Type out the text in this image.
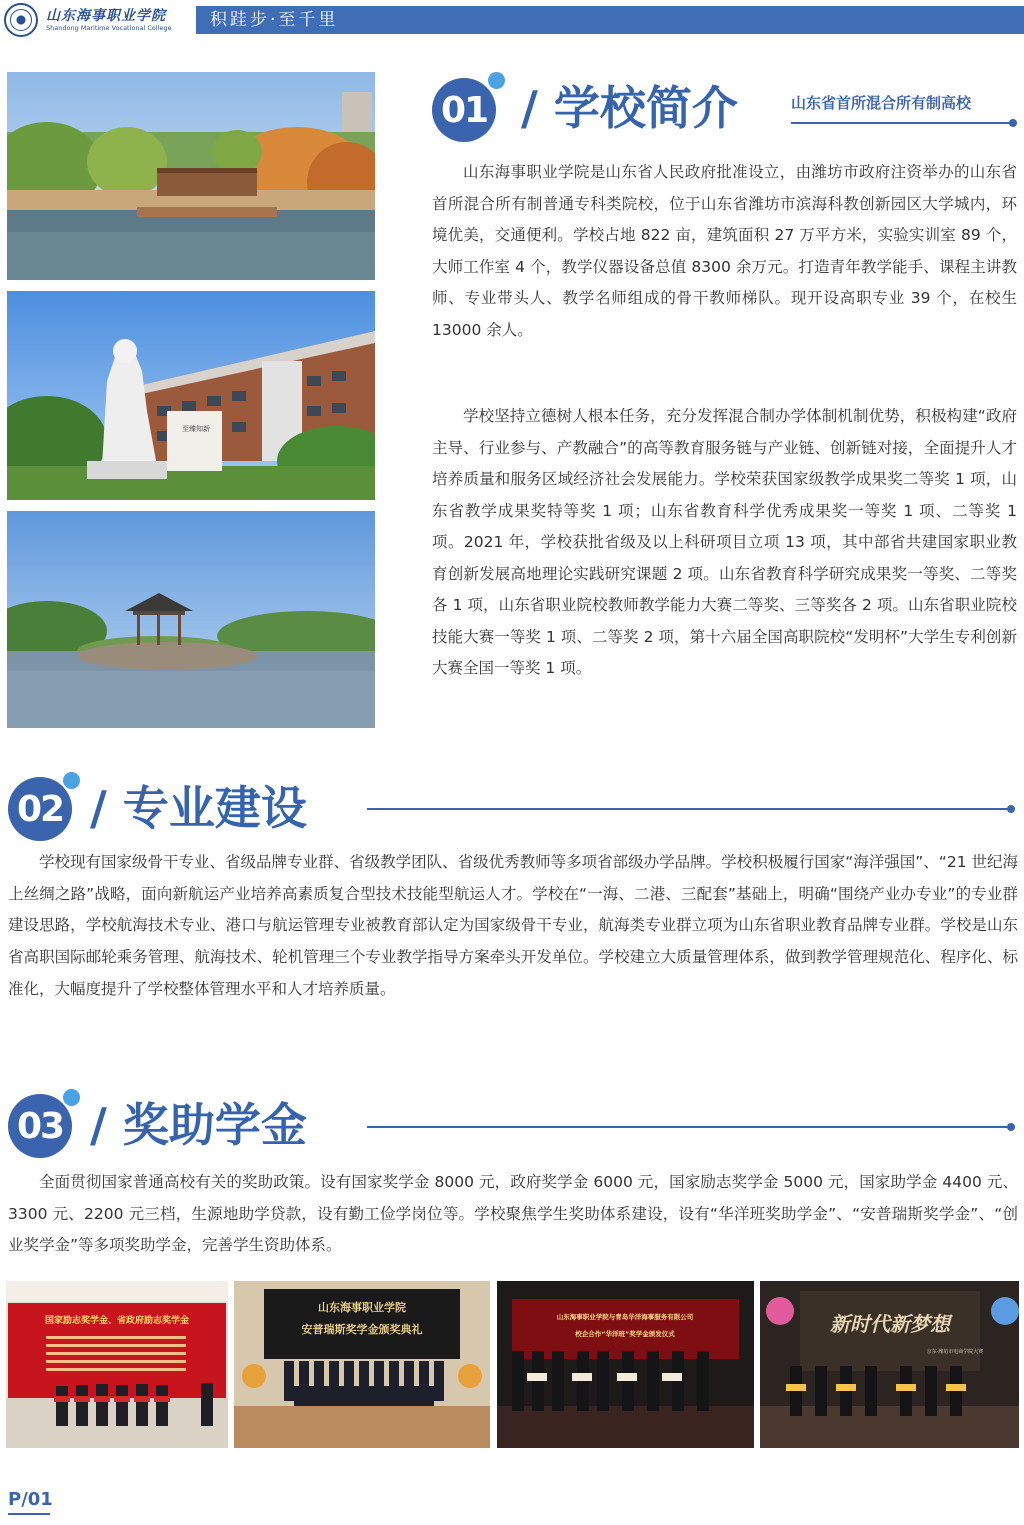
山东海事职业学院
Shandong Maritime Vocational College 积跬步·至千里
至臻知新
01 / 学校简介	山东省首所混合所有制高校
山东海事职业学院是山东省人民政府批准设立，由潍坊市政府注资举办的山东省首所混合所有制普通专科类院校，位于山东省潍坊市滨海科教创新园区大学城内，环境优美，交通便利。学校占地 822 亩，建筑面积 27 万平方米，实验实训室 89 个，大师工作室 4 个，教学仪器设备总值 8300 余万元。打造青年教学能手、课程主讲教师、专业带头人、教学名师组成的骨干教师梯队。现开设高职专业 39 个，在校生 13000 余人。
学校坚持立德树人根本任务，充分发挥混合制办学体制机制优势，积极构建“政府主导、行业参与、产教融合”的高等教育服务链与产业链、创新链对接，全面提升人才培养质量和服务区域经济社会发展能力。学校荣获国家级教学成果奖二等奖 1 项，山东省教学成果奖特等奖 1 项；山东省教育科学优秀成果奖一等奖 1 项、二等奖 1 项。2021 年，学校获批省级及以上科研项目立项 13 项，其中部省共建国家职业教育创新发展高地理论实践研究课题 2 项。山东省教育科学研究成果奖一等奖、二等奖各 1 项，山东省职业院校教师教学能力大赛二等奖、三等奖各 2 项。山东省职业院校技能大赛一等奖 1 项、二等奖 2 项，第十六届全国高职院校“发明杯”大学生专利创新大赛全国一等奖 1 项。
02 / 专业建设
学校现有国家级骨干专业、省级品牌专业群、省级教学团队、省级优秀教师等多项省部级办学品牌。学校积极履行国家“海洋强国”、“21 世纪海上丝绸之路”战略，面向新航运产业培养高素质复合型技术技能型航运人才。学校在“一海、二港、三配套”基础上，明确“围绕产业办专业”的专业群建设思路，学校航海技术专业、港口与航运管理专业被教育部认定为国家级骨干专业，航海类专业群立项为山东省职业教育品牌专业群。学校是山东省高职国际邮轮乘务管理、航海技术、轮机管理三个专业教学指导方案牵头开发单位。学校建立大质量管理体系，做到教学管理规范化、程序化、标准化，大幅度提升了学校整体管理水平和人才培养质量。
03 / 奖助学金
全面贯彻国家普通高校有关的奖助政策。设有国家奖学金 8000 元，政府奖学金 6000 元，国家励志奖学金 5000 元，国家助学金 4400 元、3300 元、2200 元三档，生源地助学贷款，设有勤工俭学岗位等。学校聚焦学生奖助体系建设，设有“华洋班奖助学金”、“安普瑞斯奖学金”、“创业奖学金”等多项奖助学金，完善学生资助体系。
国家励志奖学金、省政府励志奖学金
山东海事职业学院
安普瑞斯奖学金颁奖典礼
山东海事职业学院与青岛华洋海事服务有限公司
校企合作“华洋班”奖学金颁发仪式	新时代新梦想
京东·潍坊市电商学院大赛
P/01
